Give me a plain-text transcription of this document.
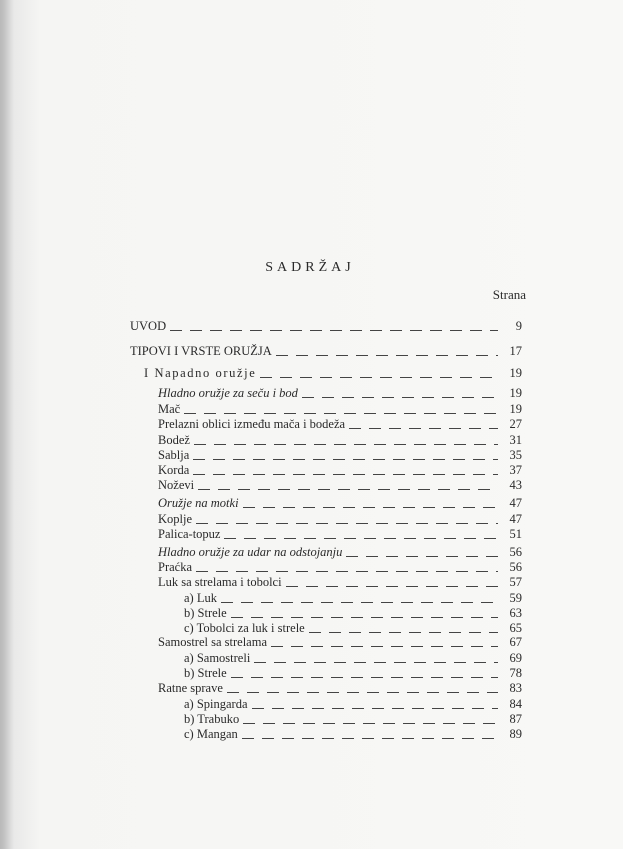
SADRŽAJ
Strana
UVOD	9
TIPOVI I VRSTE ORUŽJA	17
I Napadno oružje	19
Hladno oružje za seču i bod	19
Mač	19
Prelazni oblici između mača i bodeža	27
Bodež	31
Sablja	35
Korda	37
Noževi	43
Oružje na motki	47
Koplje	47
Palica-topuz	51
Hladno oružje za udar na odstojanju	56
Praćka	56
Luk sa strelama i tobolci	57
a) Luk	59
b) Strele	63
c) Tobolci za luk i strele	65
Samostrel sa strelama	67
a) Samostreli	69
b) Strele	78
Ratne sprave	83
a) Spingarda	84
b) Trabuko	87
c) Mangan	89
